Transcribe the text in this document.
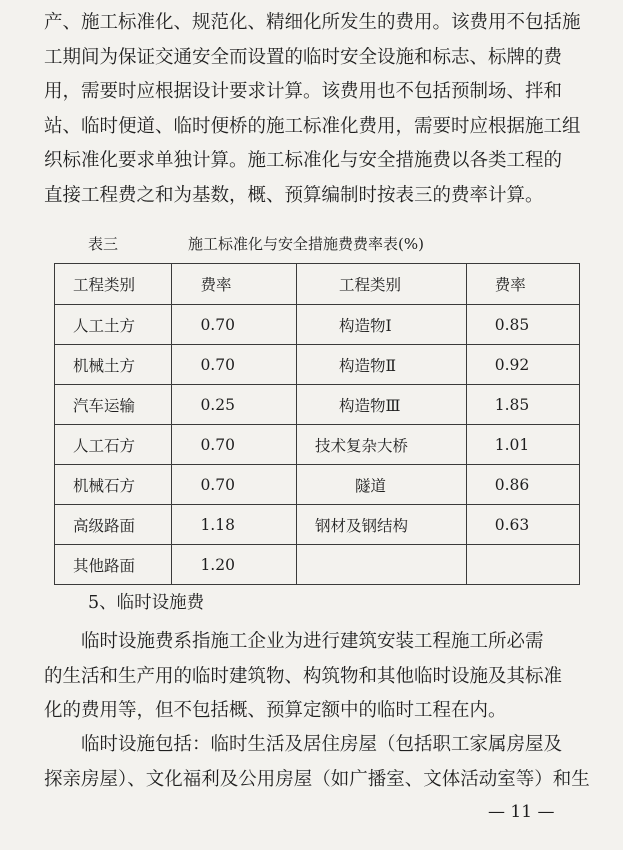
产、施工标准化、规范化、精细化所发生的费用。该费用不包括施
工期间为保证交通安全而设置的临时安全设施和标志、标牌的费
用，需要时应根据设计要求计算。该费用也不包括预制场、拌和
站、临时便道、临时便桥的施工标准化费用，需要时应根据施工组
织标准化要求单独计算。施工标准化与安全措施费以各类工程的
直接工程费之和为基数，概、预算编制时按表三的费率计算。
表三	施工标准化与安全措施费费率表(%)
工程类别	费率	工程类别	费率
人工土方	0.70	构造物Ⅰ	0.85
机械土方	0.70	构造物Ⅱ	0.92
汽车运输	0.25	构造物Ⅲ	1.85
人工石方	0.70	技术复杂大桥	1.01
机械石方	0.70	隧道	0.86
高级路面	1.18	钢材及钢结构	0.63
其他路面	1.20		
5、临时设施费
　　临时设施费系指施工企业为进行建筑安装工程施工所必需
的生活和生产用的临时建筑物、构筑物和其他临时设施及其标准
化的费用等，但不包括概、预算定额中的临时工程在内。
　　临时设施包括：临时生活及居住房屋（包括职工家属房屋及
探亲房屋）、文化福利及公用房屋（如广播室、文体活动室等）和生
— 11 —
